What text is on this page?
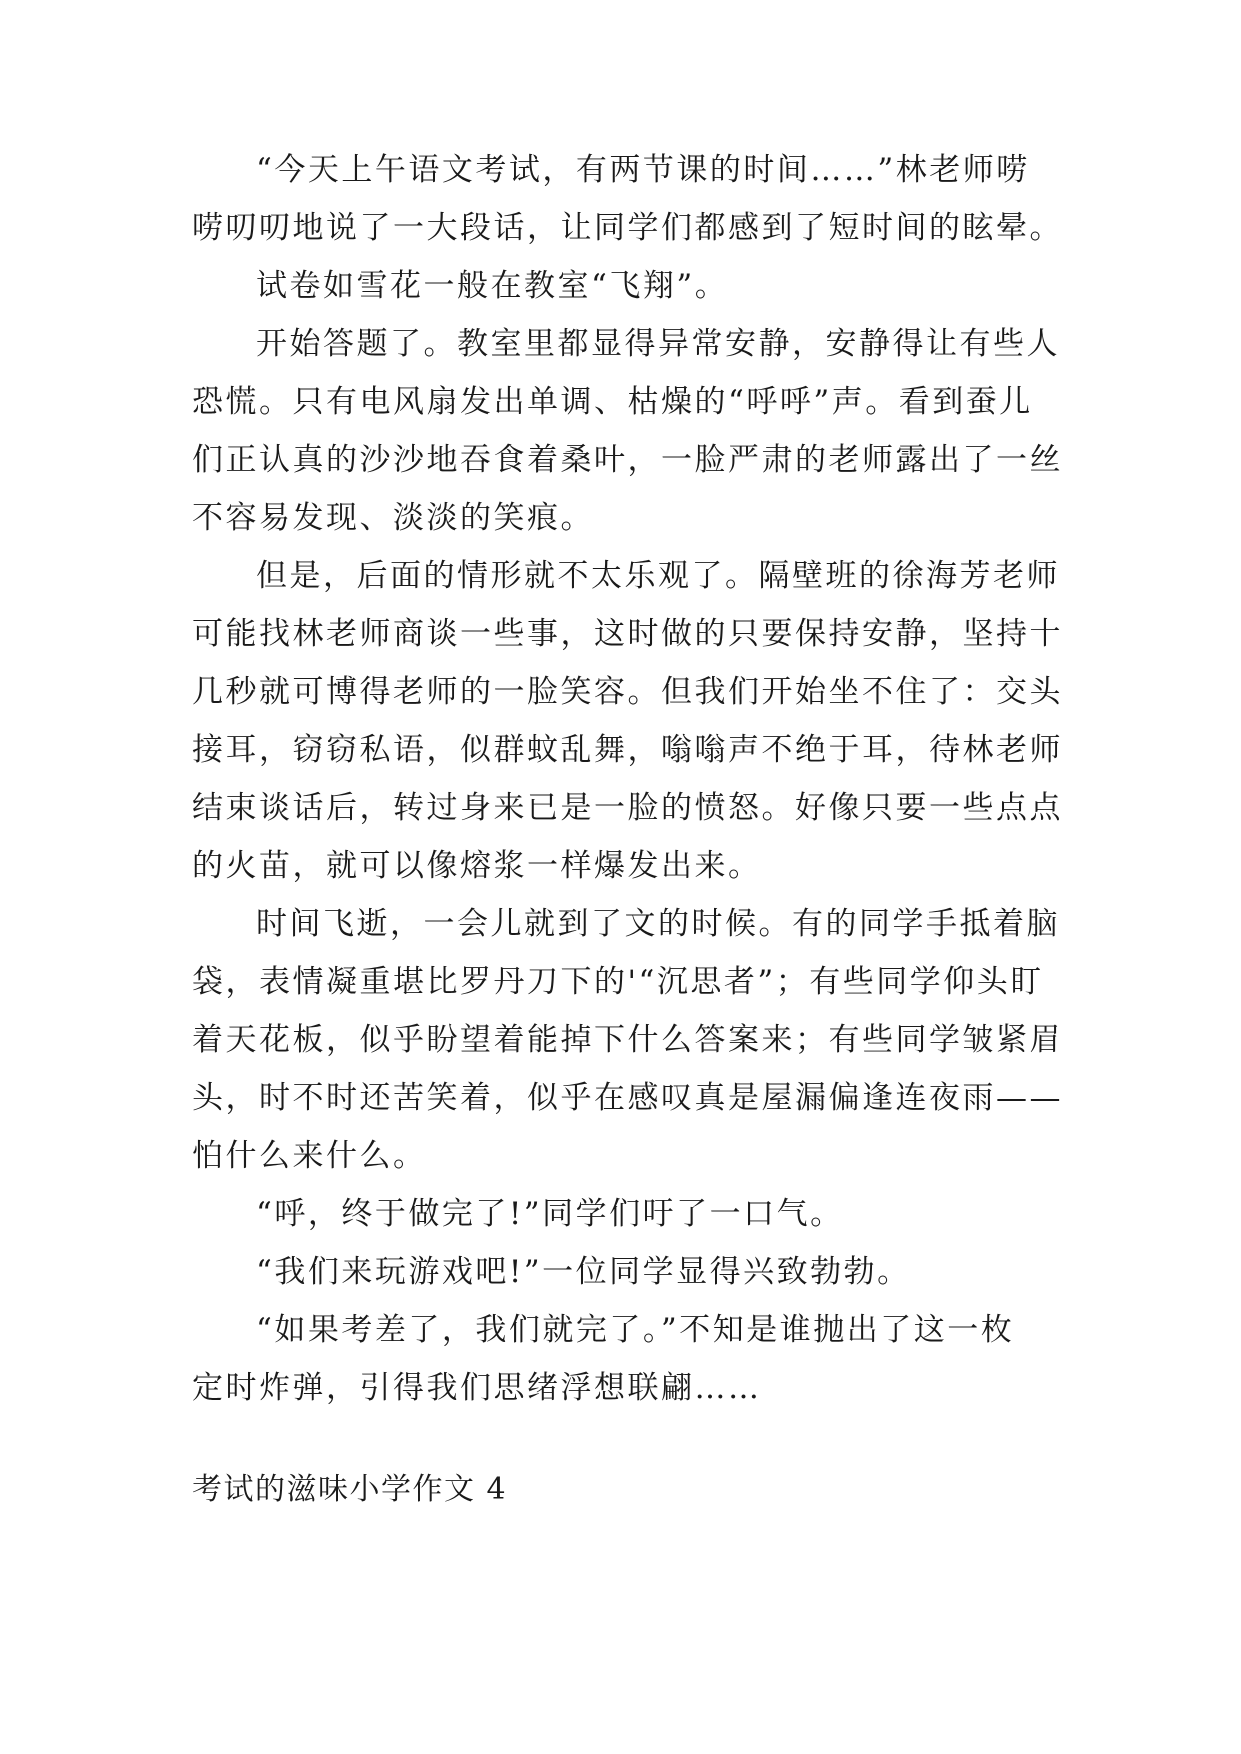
“今天上午语文考试，有两节课的时间……”林老师唠
唠叨叨地说了一大段话，让同学们都感到了短时间的眩晕。
试卷如雪花一般在教室“飞翔”。
开始答题了。教室里都显得异常安静，安静得让有些人
恐慌。只有电风扇发出单调、枯燥的“呼呼”声。看到蚕儿
们正认真的沙沙地吞食着桑叶，一脸严肃的老师露出了一丝
不容易发现、淡淡的笑痕。
但是，后面的情形就不太乐观了。隔壁班的徐海芳老师
可能找林老师商谈一些事，这时做的只要保持安静，坚持十
几秒就可博得老师的一脸笑容。但我们开始坐不住了：交头
接耳，窃窃私语，似群蚊乱舞，嗡嗡声不绝于耳，待林老师
结束谈话后，转过身来已是一脸的愤怒。好像只要一些点点
的火苗，就可以像熔浆一样爆发出来。
时间飞逝，一会儿就到了文的时候。有的同学手抵着脑
袋，表情凝重堪比罗丹刀下的'“沉思者”；有些同学仰头盯
着天花板，似乎盼望着能掉下什么答案来；有些同学皱紧眉
头，时不时还苦笑着，似乎在感叹真是屋漏偏逢连夜雨——
怕什么来什么。
“呼，终于做完了!”同学们吁了一口气。
“我们来玩游戏吧!”一位同学显得兴致勃勃。
“如果考差了，我们就完了。”不知是谁抛出了这一枚
定时炸弹，引得我们思绪浮想联翩……
考试的滋味小学作文 4
